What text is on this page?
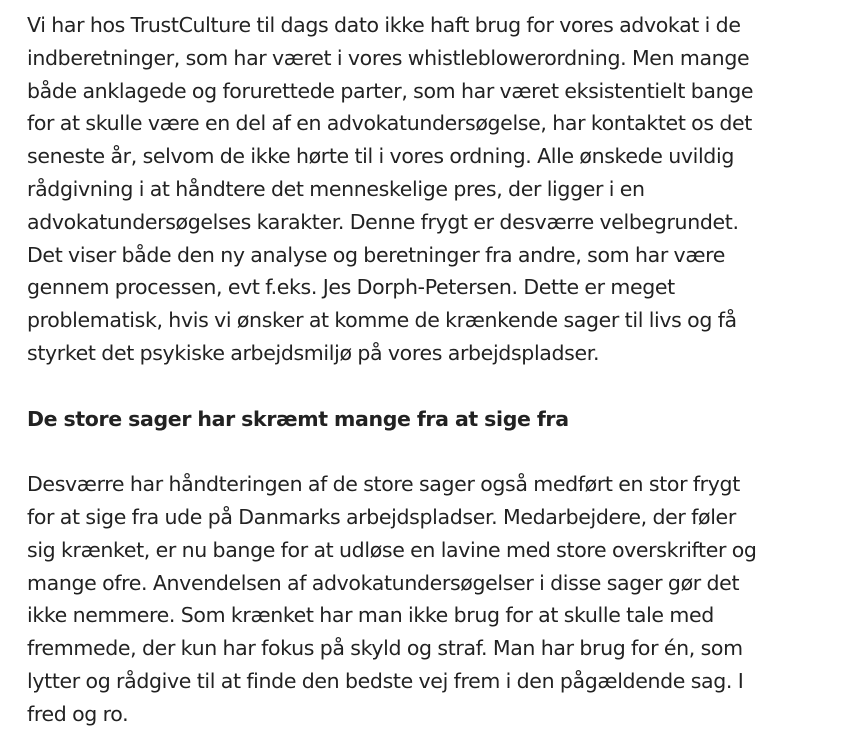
Vi har hos TrustCulture til dags dato ikke haft brug for vores advokat i de
indberetninger, som har været i vores whistleblowerordning. Men mange
både anklagede og forurettede parter, som har været eksistentielt bange
for at skulle være en del af en advokatundersøgelse, har kontaktet os det
seneste år, selvom de ikke hørte til i vores ordning. Alle ønskede uvildig
rådgivning i at håndtere det menneskelige pres, der ligger i en
advokatundersøgelses karakter. Denne frygt er desværre velbegrundet.
Det viser både den ny analyse og beretninger fra andre, som har være
gennem processen, evt f.eks. Jes Dorph-Petersen. Dette er meget
problematisk, hvis vi ønsker at komme de krænkende sager til livs og få
styrket det psykiske arbejdsmiljø på vores arbejdspladser.

De store sager har skræmt mange fra at sige fra

Desværre har håndteringen af de store sager også medført en stor frygt
for at sige fra ude på Danmarks arbejdspladser. Medarbejdere, der føler
sig krænket, er nu bange for at udløse en lavine med store overskrifter og
mange ofre. Anvendelsen af advokatundersøgelser i disse sager gør det
ikke nemmere. Som krænket har man ikke brug for at skulle tale med
fremmede, der kun har fokus på skyld og straf. Man har brug for én, som
lytter og rådgive til at finde den bedste vej frem i den pågældende sag. I
fred og ro.
